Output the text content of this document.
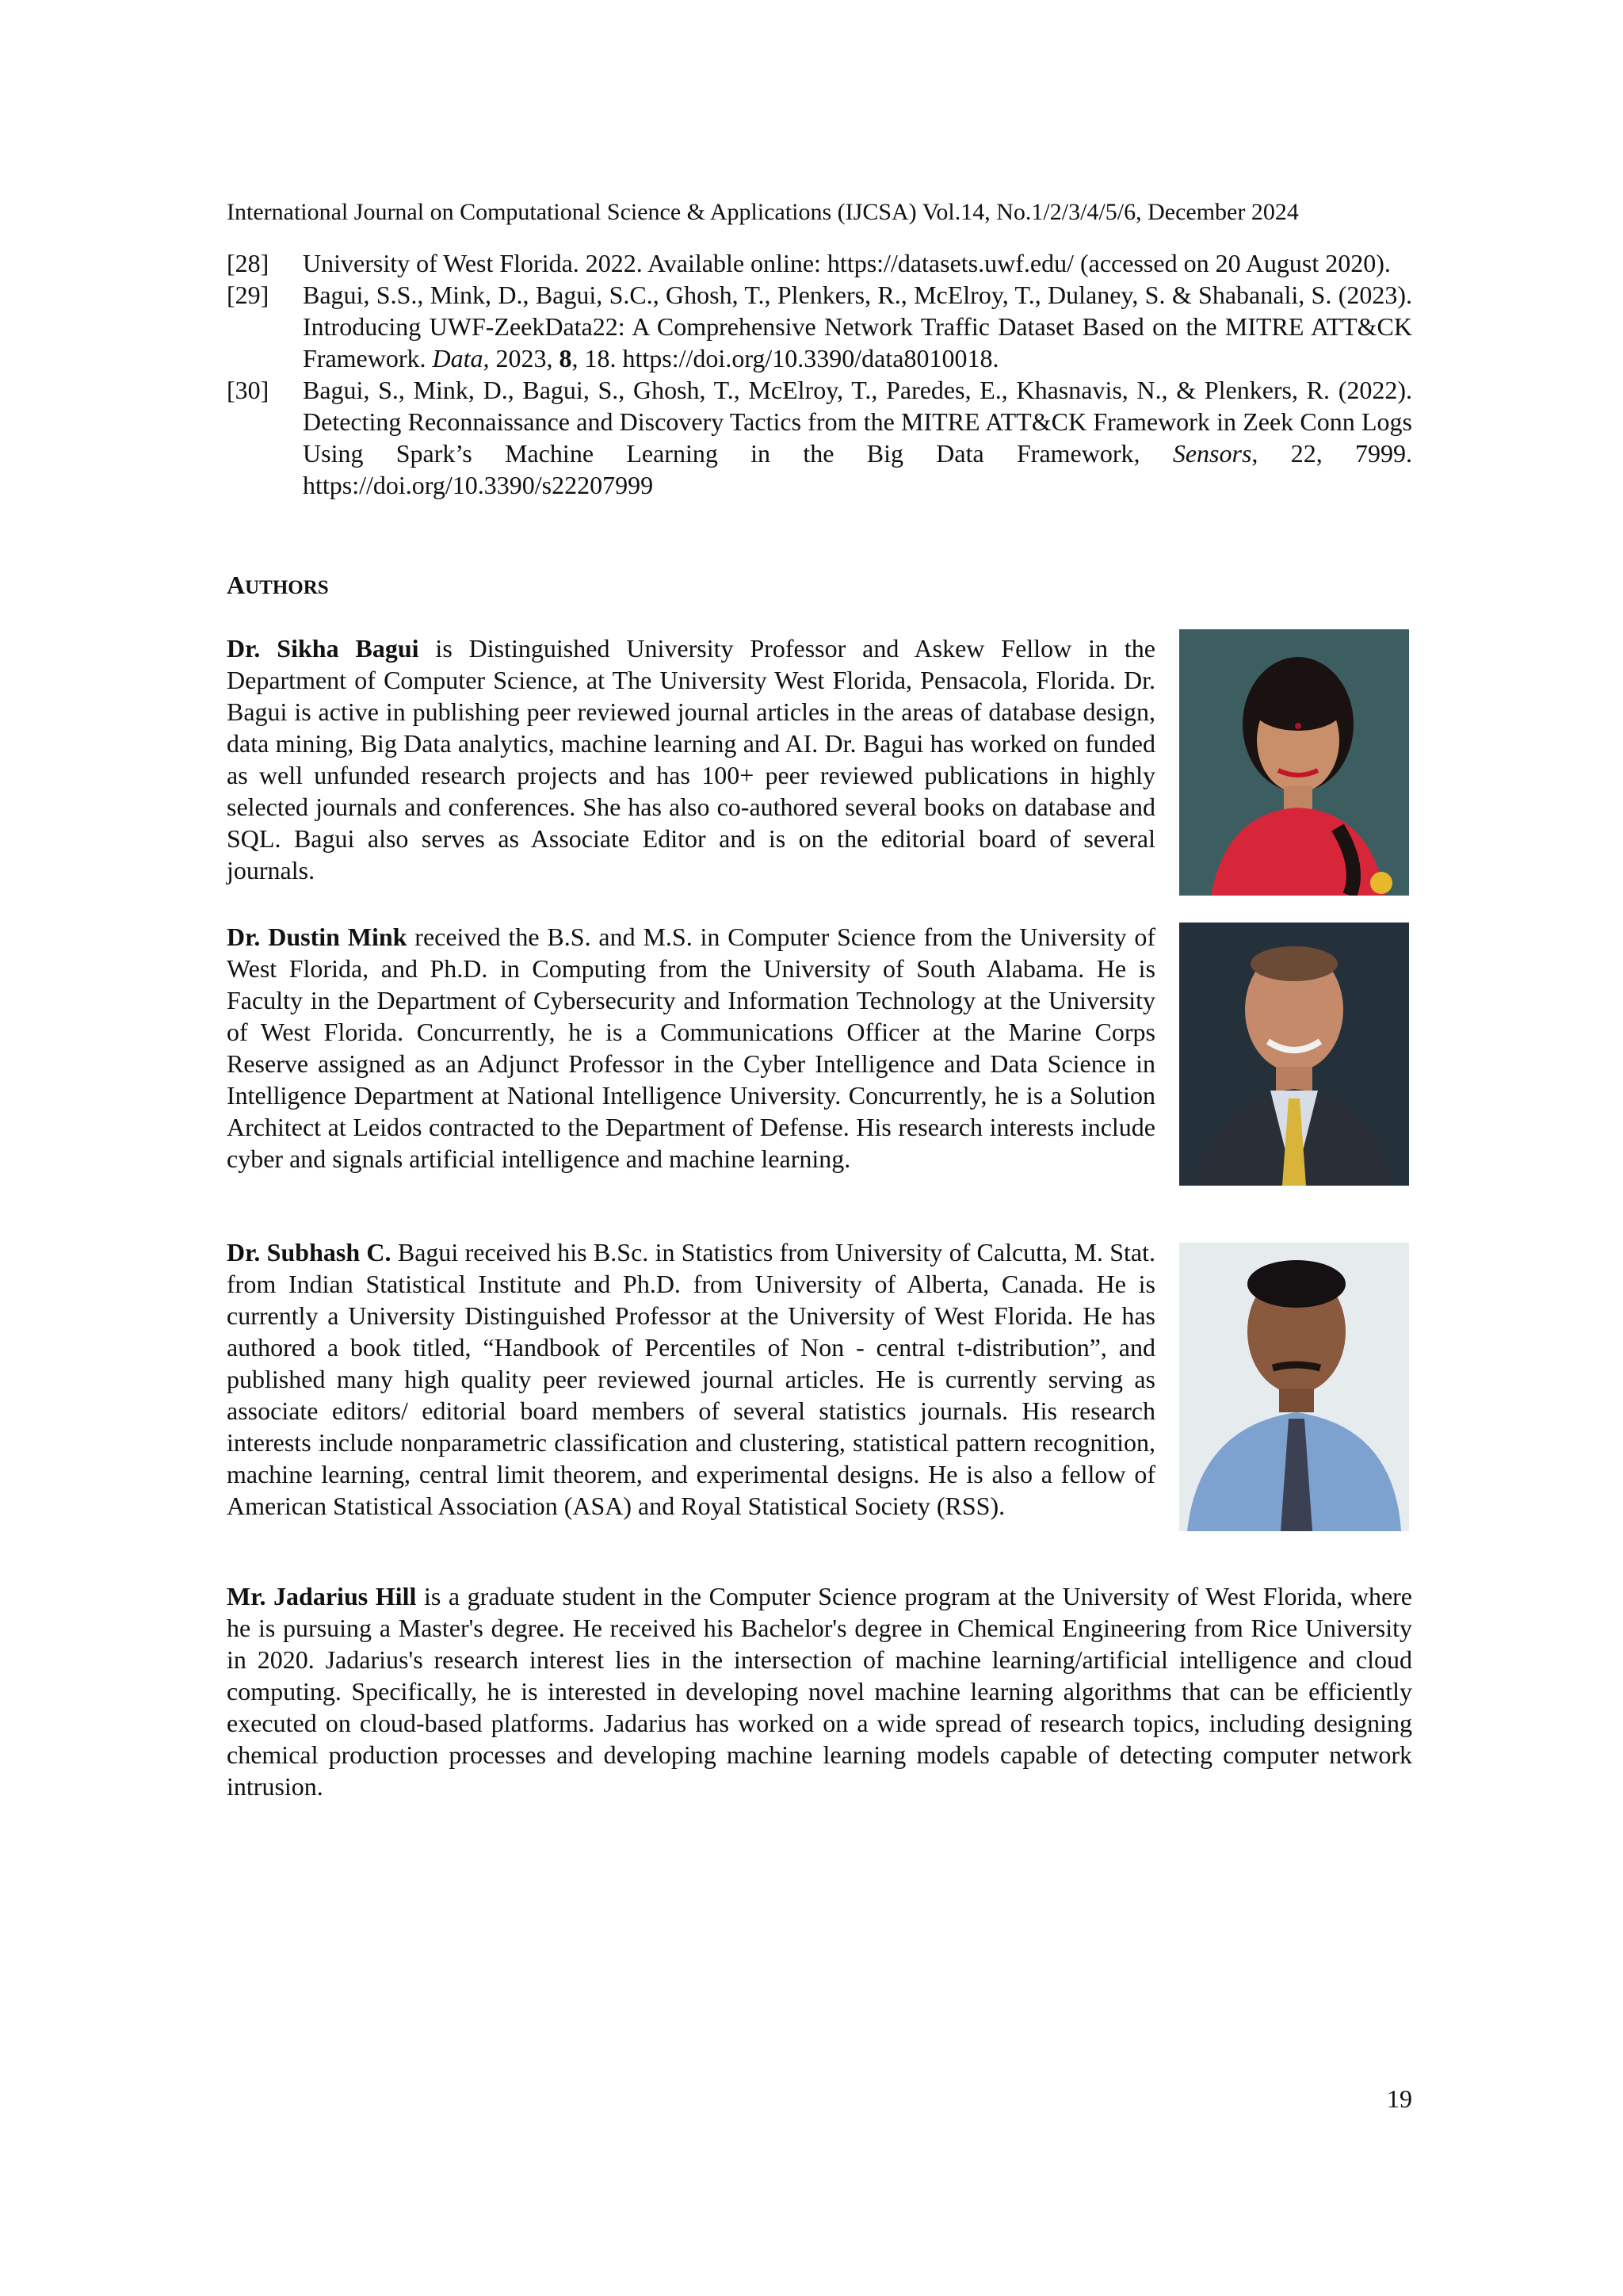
International Journal on Computational Science & Applications (IJCSA) Vol.14, No.1/2/3/4/5/6, December 2024
[28]	University of West Florida. 2022. Available online: https://datasets.uwf.edu/ (accessed on 20 August 2020).
[29]	Bagui, S.S., Mink, D., Bagui, S.C., Ghosh, T., Plenkers, R., McElroy, T., Dulaney, S. & Shabanali, S. (2023). Introducing UWF-ZeekData22: A Comprehensive Network Traffic Dataset Based on the MITRE ATT&CK Framework. Data, 2023, 8, 18. https://doi.org/10.3390/data8010018.
[30]	Bagui, S., Mink, D., Bagui, S., Ghosh, T., McElroy, T., Paredes, E., Khasnavis, N., & Plenkers, R. (2022). Detecting Reconnaissance and Discovery Tactics from the MITRE ATT&CK Framework in Zeek Conn Logs Using Spark’s Machine Learning in the Big Data Framework, Sensors, 22, 7999. https://doi.org/10.3390/s22207999
AUTHORS
Dr. Sikha Bagui is Distinguished University Professor and Askew Fellow in the Department of Computer Science, at The University West Florida, Pensacola, Florida. Dr. Bagui is active in publishing peer reviewed journal articles in the areas of database design, data mining, Big Data analytics, machine learning and AI. Dr. Bagui has worked on funded as well unfunded research projects and has 100+ peer reviewed publications in highly selected journals and conferences. She has also co-authored several books on database and SQL. Bagui also serves as Associate Editor and is on the editorial board of several journals.
Dr. Dustin Mink received the B.S. and M.S. in Computer Science from the University of West Florida, and Ph.D. in Computing from the University of South Alabama. He is Faculty in the Department of Cybersecurity and Information Technology at the University of West Florida. Concurrently, he is a Communications Officer at the Marine Corps Reserve assigned as an Adjunct Professor in the Cyber Intelligence and Data Science in Intelligence Department at National Intelligence University. Concurrently, he is a Solution Architect at Leidos contracted to the Department of Defense. His research interests include cyber and signals artificial intelligence and machine learning.
Dr. Subhash C. Bagui received his B.Sc. in Statistics from University of Calcutta, M. Stat. from Indian Statistical Institute and Ph.D. from University of Alberta, Canada. He is currently a University Distinguished Professor at the University of West Florida. He has authored a book titled, “Handbook of Percentiles of Non - central t-distribution”, and published many high quality peer reviewed journal articles. He is currently serving as associate editors/ editorial board members of several statistics journals. His research interests include nonparametric classification and clustering, statistical pattern recognition, machine learning, central limit theorem, and experimental designs. He is also a fellow of American Statistical Association (ASA) and Royal Statistical Society (RSS).
Mr. Jadarius Hill is a graduate student in the Computer Science program at the University of West Florida, where he is pursuing a Master's degree. He received his Bachelor's degree in Chemical Engineering from Rice University in 2020. Jadarius's research interest lies in the intersection of machine learning/artificial intelligence and cloud computing. Specifically, he is interested in developing novel machine learning algorithms that can be efficiently executed on cloud-based platforms. Jadarius has worked on a wide spread of research topics, including designing chemical production processes and developing machine learning models capable of detecting computer network intrusion.
19
